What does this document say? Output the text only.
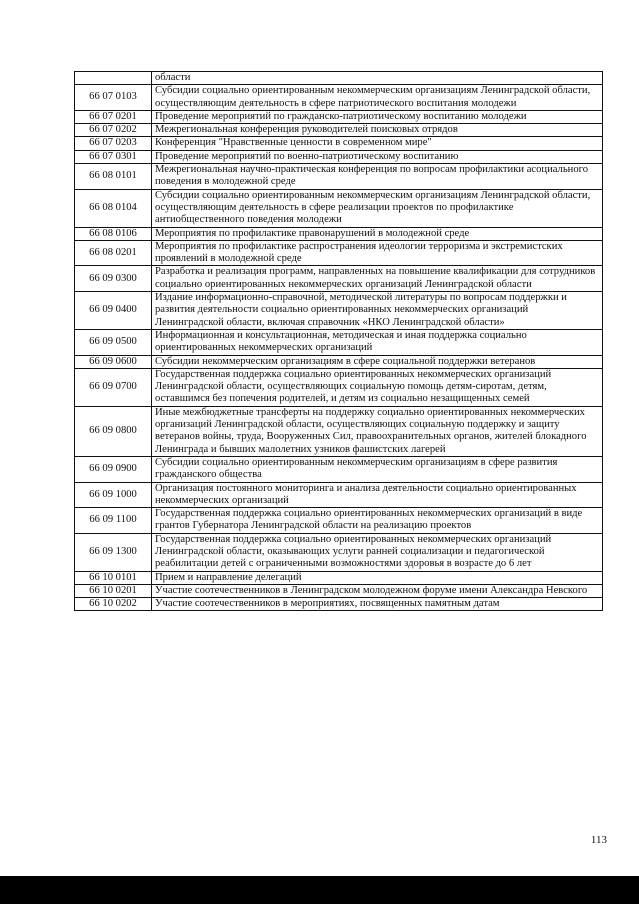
	области
66 07 0103	Субсидии социально ориентированным некоммерческим организациям Ленинградской области, осуществляющим деятельность в сфере патриотического воспитания молодежи
66 07 0201	Проведение мероприятий по гражданско-патриотическому воспитанию молодежи
66 07 0202	Межрегиональная конференция руководителей поисковых отрядов
66 07 0203	Конференция "Нравственные ценности в современном мире"
66 07 0301	Проведение мероприятий по военно-патриотическому воспитанию
66 08 0101	Межрегиональная научно-практическая конференция по вопросам профилактики асоциального поведения в молодежной среде
66 08 0104	Субсидии социально ориентированным некоммерческим организациям Ленинградской области, осуществляющим деятельность в сфере реализации проектов по профилактике антиобщественного поведения молодежи
66 08 0106	Мероприятия по профилактике правонарушений в молодежной среде
66 08 0201	Мероприятия по профилактике распространения идеологии терроризма и экстремистских проявлений в молодежной среде
66 09 0300	Разработка и реализация программ, направленных на повышение квалификации для сотрудников социально ориентированных некоммерческих организаций Ленинградской области
66 09 0400	Издание информационно-справочной, методической литературы по вопросам поддержки и развития деятельности социально ориентированных некоммерческих организаций Ленинградской области, включая справочник «НКО Ленинградской области»
66 09 0500	Информационная и консультационная, методическая и иная поддержка социально ориентированных некоммерческих организаций
66 09 0600	Субсидии некоммерческим организациям в сфере социальной поддержки ветеранов
66 09 0700	Государственная поддержка социально ориентированных некоммерческих организаций Ленинградской области, осуществляющих социальную помощь детям-сиротам, детям, оставшимся без попечения родителей, и детям из социально незащищенных семей
66 09 0800	Иные межбюджетные трансферты на поддержку социально ориентированных некоммерческих организаций Ленинградской области, осуществляющих социальную поддержку и защиту ветеранов войны, труда, Вооруженных Сил, правоохранительных органов, жителей блокадного Ленинграда и бывших малолетних узников фашистских лагерей
66 09 0900	Субсидии социально ориентированным некоммерческим организациям в сфере развития гражданского общества
66 09 1000	Организация постоянного мониторинга и анализа деятельности социально ориентированных некоммерческих организаций
66 09 1100	Государственная поддержка социально ориентированных некоммерческих организаций в виде грантов Губернатора Ленинградской области на реализацию проектов
66 09 1300	Государственная поддержка социально ориентированных некоммерческих организаций Ленинградской области, оказывающих услуги ранней социализации и педагогической реабилитации детей с ограниченными возможностями здоровья в возрасте до 6 лет
66 10 0101	Прием и направление делегаций
66 10 0201	Участие соотечественников в Ленинградском молодежном форуме имени Александра Невского
66 10 0202	Участие соотечественников в мероприятиях, посвященных памятным датам
113
